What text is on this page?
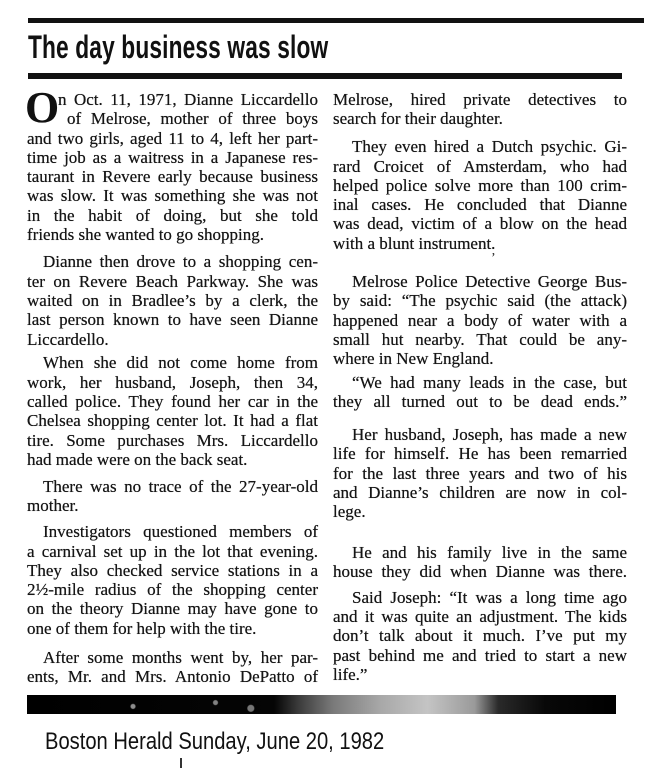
The day business was slow
O
n Oct. 11, 1971, Dianne Liccardello
of Melrose, mother of three boys
and two girls, aged 11 to 4, left her part-
time job as a waitress in a Japanese res-
taurant in Revere early because business
was slow. It was something she was not
in the habit of doing, but she told
friends she wanted to go shopping.
Dianne then drove to a shopping cen-
ter on Revere Beach Parkway. She was
waited on in Bradlee’s by a clerk, the
last person known to have seen Dianne
Liccardello.
When she did not come home from
work, her husband, Joseph, then 34,
called police. They found her car in the
Chelsea shopping center lot. It had a flat
tire. Some purchases Mrs. Liccardello
had made were on the back seat.
There was no trace of the 27-year-old
mother.
Investigators questioned members of
a carnival set up in the lot that evening.
They also checked service stations in a
2½-mile radius of the shopping center
on the theory Dianne may have gone to
one of them for help with the tire.
After some months went by, her par-
ents, Mr. and Mrs. Antonio DePatto of
Melrose, hired private detectives to
search for their daughter.
They even hired a Dutch psychic. Gi-
rard Croicet of Amsterdam, who had
helped police solve more than 100 crim-
inal cases. He concluded that Dianne
was dead, victim of a blow on the head
with a blunt instrument.
Melrose Police Detective George Bus-
by said: “The psychic said (the attack)
happened near a body of water with a
small hut nearby. That could be any-
where in New England.
“We had many leads in the case, but
they all turned out to be dead ends.”
Her husband, Joseph, has made a new
life for himself. He has been remarried
for the last three years and two of his
and Dianne’s children are now in col-
lege.
He and his family live in the same
house they did when Dianne was there.
Said Joseph: “It was a long time ago
and it was quite an adjustment. The kids
don’t talk about it much. I’ve put my
past behind me and tried to start a new
life.”
ʼ

Boston Herald Sunday, June 20, 1982
